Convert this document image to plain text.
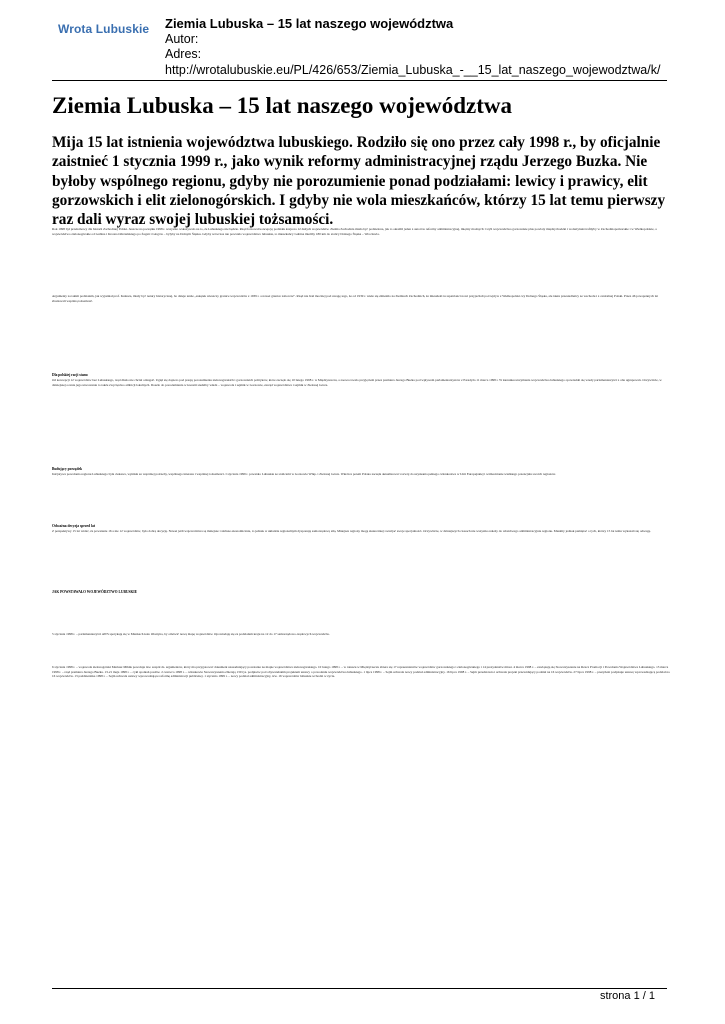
Wrota Lubuskie Ziemia Lubuska – 15 lat naszego województwa
Autor:
Adres:
http://wrotalubuskie.eu/PL/426/653/Ziemia_Lubuska_-__15_lat_naszego_wojewodztwa/k/
Ziemia Lubuska – 15 lat naszego województwa

Mija 15 lat istnienia województwa lubuskiego. Rodziło się ono przez cały 1998 r., by oficjalnie zaistnieć 1 stycznia 1999 r., jako wynik reformy administracyjnej rządu Jerzego Buzka. Nie byłoby wspólnego regionu, gdyby nie porozumienie ponad podziałami: lewicy i prawicy, elit gorzowskich i elit zielonogórskich. I gdyby nie wola mieszkańców, którzy 15 lat temu pierwszy raz dali wyraz swojej lubuskiej tożsamości.

Rok 1998 był przełomowy dla historii Zachodniej Polski. Jeszcze na początku 1998 r. wszystko wskazywało na to, że Lubuskiego nie będzie. Rząd forsował koncepcję podziału kraju na 12 dużych województw. Ziemia Zachodnia miała być podzielona, jak to określił jeden z autorów reformy administracyjnej, między możnych: Czyli województwa gorzowskie plus powiaty międzychodzki i wolsztyński trafiłyby w Zachodniopomorskie i w Wielkopolskie, a województwo zielonogórskie od Gubina i Krosna Odrzańskiego po Żagań i Głogów – byłyby na Dolnym Śląsku. Gdyby wówczas nie powstało województwo lubuskie, to mieszkańcy Gubina mieliby 180 km do stolicy Dolnego Śląska – Wrocławia.

Argumenty za takim podziałem, jak wyjaśniał prof. Kulesza, miały być natury historycznej, bo dzieje tenże „zakątek wieszczy granice województw z 1939 r. a nawet granice zaborcze”. Rząd nie brał mocniej pod uwagę tego, że od 1939 r. wiele się zmieniło na Ziemiach Zachodnich, że mieszkali tu repatrianci nowi przyjechali pod wpływ z Wielkopolski czy Dolnego Śląska, ale także przesiedleńcy ze wschodu i z centralnej Polski. Przez 46 powojennych lat zbudowali wspólną tożsamość.

Dla polskiej racji stanu

Od koncepcji 12 województw bez Lubuskiego, rząd dłużo nie chciał odstąpić. Ugiął się dopiero pod presją porozumienia zielonogórskich i gorzowskich polityków, które zaczęło się 10 lutego 1998 r. w Międzyrzeczu, a zaowocowało przyjęciem przez premiera Jerzego Buzka pod wpływem parlamentarzystów z Paradyża 11 marca 1998 r. W kierunku utrzymania województwa lubuskiego opowiadali się wtedy parlamentarzyści z obu ugrupowań. Oczywiście, w dzisiejszej ocenie jego utworzenie to także zwycięstwo ambicji lokalnych. Doszło do porozumienia w kwestii siedziby władz – wojewoda i sejmik w Gorzowie, zarząd województwa i sejmik w Zielonej Górze.

Budujący porządek

Inicjatywa powołania regionu Lubuskiego była ciekawa, wynikła ze wspólnej potrzeby, wspólnego interesu i wspólnej tożsamości. I stycznia 1999 r. powstało Lubuskie ze stolicami w Gorzowie Wlkp. i Zielonej Górze. Wkrótce potem Polska zaczęła aktualizować rozwój do uzyskania pełnego członkostwa w Unii Europejskiej i wzmacnianie wielkiego potencjału swoich regionów.

Odważna decyzja sprzed lat

Z perspektywy 15 lat widać, że powstanie 16 a nie 12 województw, było dobrą decyzją. Nawet jeśli województwa są mniejsze i słabsze ekonomicznie, to jednak w układzie regionalnym dysponują samorządową siłą. Mniejsze regiony mogą skuteczniej rozwijać swoje specjalności. Oczywiście, w dzisiejszych czasach nie wszystko należy do właściwego administracyjnie regionu. Musimy jednak pamiętać o tych, którzy 15 lat temu wykazali się odwagą.

JAK POWSTAWAŁO WOJEWÓDZTWO LUBUSKIE

5 stycznia 1998 r. – parlamentarzyści AWS spotykają się w Mierkach koło Olsztyna, by omówić nową mapę województw. Opowiadają się za podziałem kraju na 12 do 17 samorządowo-rządowych województw.

6 stycznia 1998 r. – wojewoda zielonogórski Mariusz Mihák powołuje tzw. zespół ds. argumentów, który ma przygotować dokument uzasadniający powstanie na mapie województwa zielonogórskiego. 10 lutego 1998 r. – w ratuszu w Międzyrzeczu zbiera się 17 reprezentantów województw gorzowskiego i zielonogórskiego i 14 prezydentów miast. 4 marca 1998 r. – zawiązują się Stowarzyszenie na Rzecz Promocji i Powołania Województwa Lubuskiego. 13 marca 1998 r. – rząd premiera Jerzego Buzka. 13-21 maja 1998 r. – cykl spotkań posłów. 2 czerwca 1998 r. – członkowie Stowarzyszenia zbierają 130 tys. podpisów pod obywatelskim projektem ustawy o powołaniu województwa lubuskiego. 1 lipca 1998 r. – Sejm uchwala nowy podział administracyjny. 16 lipca 1998 r. – Sejm przedstawia i uchwala projekt przewidujący podział na 16 województw. 27 lipca 1998 r. – prezydent podpisuje ustawę wprowadzającą podział na 16 województw. 13 października 1998 r. – Sejm uchwala ustawy wprowadzające reformę administracji publicznej. 1 stycznia 1999 r. – nowy podział administracyjny, tzw. 16 województw lubuskie wchodzi w życie.

strona 1 / 1
